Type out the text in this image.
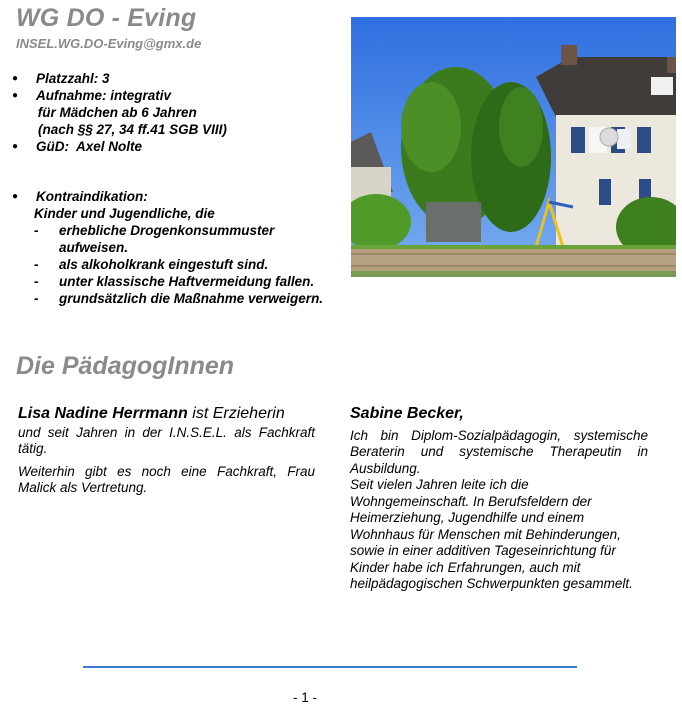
WG DO - Eving
INSEL.WG.DO-Eving@gmx.de
●	Platzzahl: 3
●	Aufnahme: integrativ
für Mädchen ab 6 Jahren
(nach §§ 27, 34 ff.41 SGB VIII)
●	GüD:  Axel Nolte
●	Kontraindikation:
Kinder und Jugendliche, die
-	erhebliche Drogenkonsummuster aufweisen.
-	als alkoholkrank eingestuft sind.
-	unter klassische Haftvermeidung fallen.
-	grundsätzlich die Maßnahme verweigern.
Die PädagogInnen
Lisa Nadine Herrmann ist Erzieherin
und seit Jahren in der I.N.S.E.L. als Fachkraft tätig.
Weiterhin gibt es noch eine Fachkraft, Frau Malick als Vertretung.
Sabine Becker,
Ich bin Diplom-Sozialpädagogin, systemische Beraterin und systemische Therapeutin in Ausbildung.
Seit vielen Jahren leite ich die Wohngemeinschaft. In Berufsfeldern der Heimerziehung, Jugendhilfe und einem Wohnhaus für Menschen mit Behinderungen, sowie in einer additiven Tageseinrichtung für Kinder habe ich Erfahrungen, auch mit heilpädagogischen Schwerpunkten gesammelt.
- 1 -
